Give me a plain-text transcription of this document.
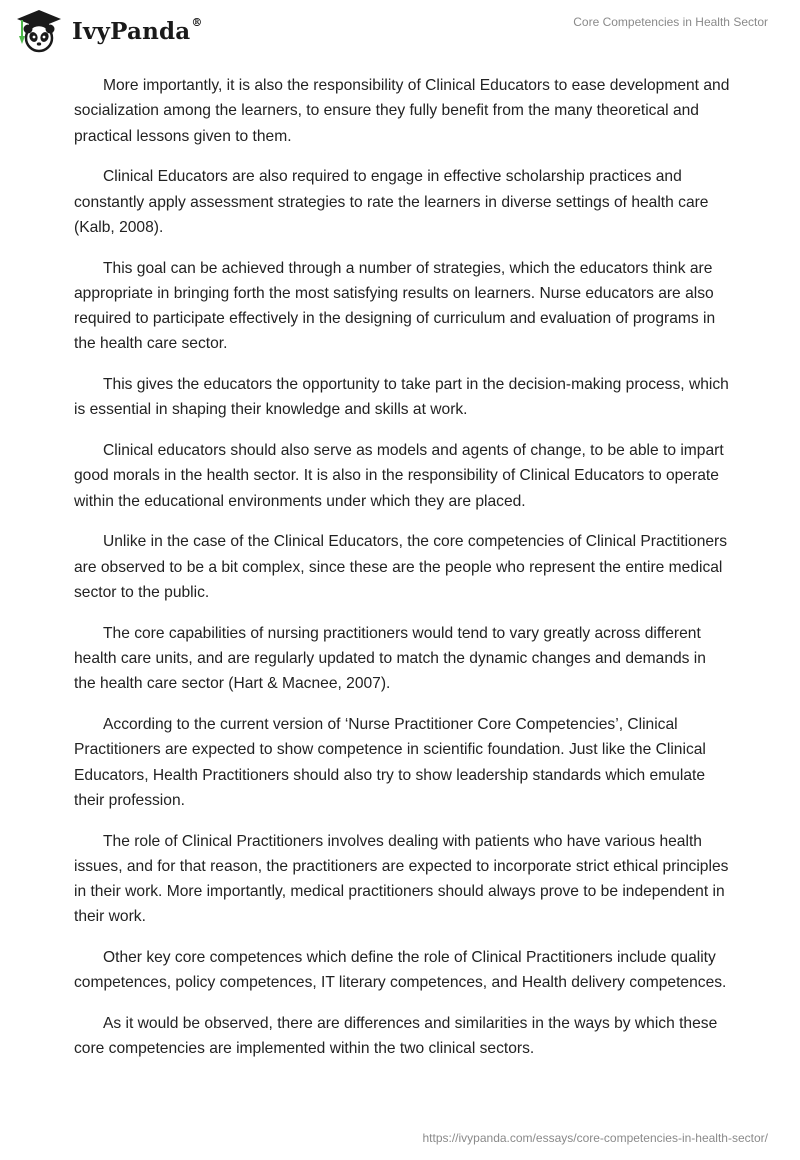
IvyPanda®	Core Competencies in Health Sector

More importantly, it is also the responsibility of Clinical Educators to ease development and socialization among the learners, to ensure they fully benefit from the many theoretical and practical lessons given to them.

Clinical Educators are also required to engage in effective scholarship practices and constantly apply assessment strategies to rate the learners in diverse settings of health care (Kalb, 2008).

This goal can be achieved through a number of strategies, which the educators think are appropriate in bringing forth the most satisfying results on learners. Nurse educators are also required to participate effectively in the designing of curriculum and evaluation of programs in the health care sector.

This gives the educators the opportunity to take part in the decision-making process, which is essential in shaping their knowledge and skills at work.

Clinical educators should also serve as models and agents of change, to be able to impart good morals in the health sector. It is also in the responsibility of Clinical Educators to operate within the educational environments under which they are placed.

Unlike in the case of the Clinical Educators, the core competencies of Clinical Practitioners are observed to be a bit complex, since these are the people who represent the entire medical sector to the public.

The core capabilities of nursing practitioners would tend to vary greatly across different health care units, and are regularly updated to match the dynamic changes and demands in the health care sector (Hart & Macnee, 2007).

According to the current version of ‘Nurse Practitioner Core Competencies’, Clinical Practitioners are expected to show competence in scientific foundation. Just like the Clinical Educators, Health Practitioners should also try to show leadership standards which emulate their profession.

The role of Clinical Practitioners involves dealing with patients who have various health issues, and for that reason, the practitioners are expected to incorporate strict ethical principles in their work. More importantly, medical practitioners should always prove to be independent in their work.

Other key core competences which define the role of Clinical Practitioners include quality competences, policy competences, IT literary competences, and Health delivery competences.

As it would be observed, there are differences and similarities in the ways by which these core competencies are implemented within the two clinical sectors.

https://ivypanda.com/essays/core-competencies-in-health-sector/
